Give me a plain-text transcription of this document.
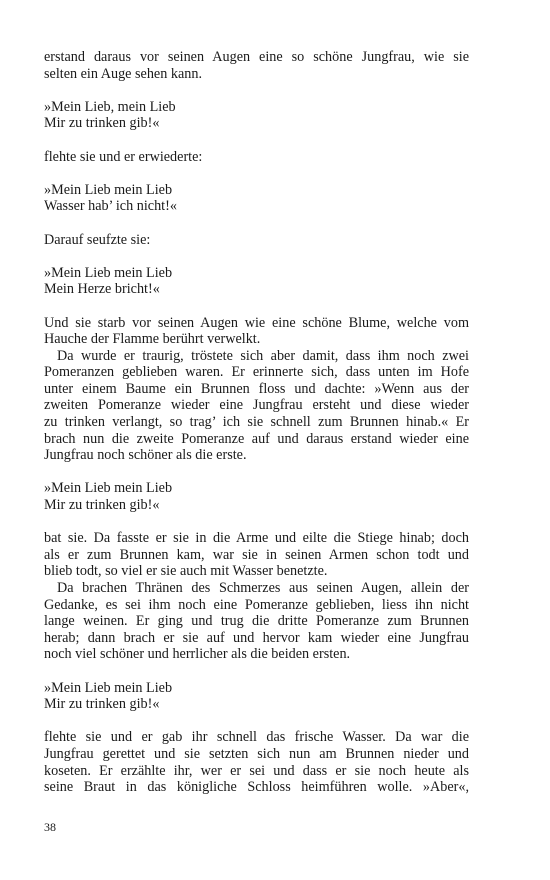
erstand daraus vor seinen Augen eine so schöne Jungfrau, wie sie
selten ein Auge sehen kann.
»Mein Lieb, mein Lieb
Mir zu trinken gib!«
flehte sie und er erwiederte:
»Mein Lieb mein Lieb
Wasser hab’ ich nicht!«
Darauf seufzte sie:
»Mein Lieb mein Lieb
Mein Herze bricht!«
Und sie starb vor seinen Augen wie eine schöne Blume, welche vom
Hauche der Flamme berührt verwelkt.
Da wurde er traurig, tröstete sich aber damit, dass ihm noch zwei
Pomeranzen geblieben waren. Er erinnerte sich, dass unten im Hofe
unter einem Baume ein Brunnen floss und dachte: »Wenn aus der
zweiten Pomeranze wieder eine Jungfrau ersteht und diese wieder
zu trinken verlangt, so trag’ ich sie schnell zum Brunnen hinab.« Er
brach nun die zweite Pomeranze auf und daraus erstand wieder eine
Jungfrau noch schöner als die erste.
»Mein Lieb mein Lieb
Mir zu trinken gib!«
bat sie. Da fasste er sie in die Arme und eilte die Stiege hinab; doch
als er zum Brunnen kam, war sie in seinen Armen schon todt und
blieb todt, so viel er sie auch mit Wasser benetzte.
Da brachen Thränen des Schmerzes aus seinen Augen, allein der
Gedanke, es sei ihm noch eine Pomeranze geblieben, liess ihn nicht
lange weinen. Er ging und trug die dritte Pomeranze zum Brunnen
herab; dann brach er sie auf und hervor kam wieder eine Jungfrau
noch viel schöner und herrlicher als die beiden ersten.
»Mein Lieb mein Lieb
Mir zu trinken gib!«
flehte sie und er gab ihr schnell das frische Wasser. Da war die
Jungfrau gerettet und sie setzten sich nun am Brunnen nieder und
koseten. Er erzählte ihr, wer er sei und dass er sie noch heute als
seine Braut in das königliche Schloss heimführen wolle. »Aber«,
38
